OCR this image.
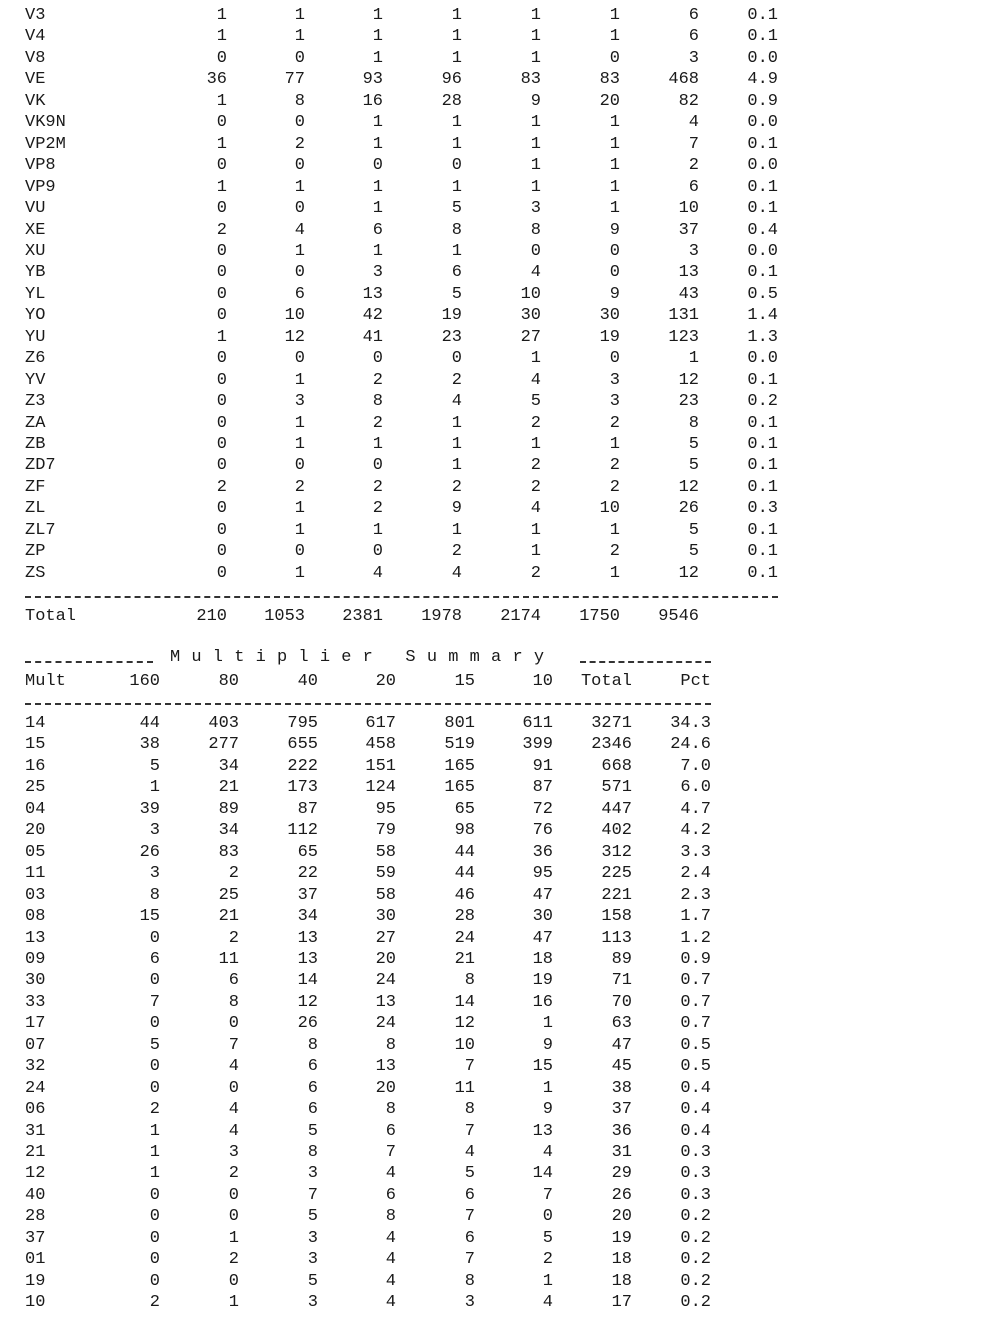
V3	1	1	1	1	1	1	6	0.1
V4	1	1	1	1	1	1	6	0.1
V8	0	0	1	1	1	0	3	0.0
VE	36	77	93	96	83	83	468	4.9
VK	1	8	16	28	9	20	82	0.9
VK9N	0	0	1	1	1	1	4	0.0
VP2M	1	2	1	1	1	1	7	0.1
VP8	0	0	0	0	1	1	2	0.0
VP9	1	1	1	1	1	1	6	0.1
VU	0	0	1	5	3	1	10	0.1
XE	2	4	6	8	8	9	37	0.4
XU	0	1	1	1	0	0	3	0.0
YB	0	0	3	6	4	0	13	0.1
YL	0	6	13	5	10	9	43	0.5
YO	0	10	42	19	30	30	131	1.4
YU	1	12	41	23	27	19	123	1.3
Z6	0	0	0	0	1	0	1	0.0
YV	0	1	2	2	4	3	12	0.1
Z3	0	3	8	4	5	3	23	0.2
ZA	0	1	2	1	2	2	8	0.1
ZB	0	1	1	1	1	1	5	0.1
ZD7	0	0	0	1	2	2	5	0.1
ZF	2	2	2	2	2	2	12	0.1
ZL	0	1	2	9	4	10	26	0.3
ZL7	0	1	1	1	1	1	5	0.1
ZP	0	0	0	2	1	2	5	0.1
ZS	0	1	4	4	2	1	12	0.1
Total	210 1053 2381 1978 2174 1750 9546
M u l t i p l i e r   S u m m a r y
Mult	160	80	40	20	15	10 Total	Pct
14	44	403	795	617	801	611 3271 34.3
15	38	277	655	458	519	399 2346 24.6
16	5	34	222	151	165	91	668	7.0
25	1	21	173	124	165	87	571	6.0
04	39	89	87	95	65	72	447	4.7
20	3	34	112	79	98	76	402	4.2
05	26	83	65	58	44	36	312	3.3
11	3	2	22	59	44	95	225	2.4
03	8	25	37	58	46	47	221	2.3
08	15	21	34	30	28	30	158	1.7
13	0	2	13	27	24	47	113	1.2
09	6	11	13	20	21	18	89	0.9
30	0	6	14	24	8	19	71	0.7
33	7	8	12	13	14	16	70	0.7
17	0	0	26	24	12	1	63	0.7
07	5	7	8	8	10	9	47	0.5
32	0	4	6	13	7	15	45	0.5
24	0	0	6	20	11	1	38	0.4
06	2	4	6	8	8	9	37	0.4
31	1	4	5	6	7	13	36	0.4
21	1	3	8	7	4	4	31	0.3
12	1	2	3	4	5	14	29	0.3
40	0	0	7	6	6	7	26	0.3
28	0	0	5	8	7	0	20	0.2
37	0	1	3	4	6	5	19	0.2
01	0	2	3	4	7	2	18	0.2
19	0	0	5	4	8	1	18	0.2
10	2	1	3	4	3	4	17	0.2
